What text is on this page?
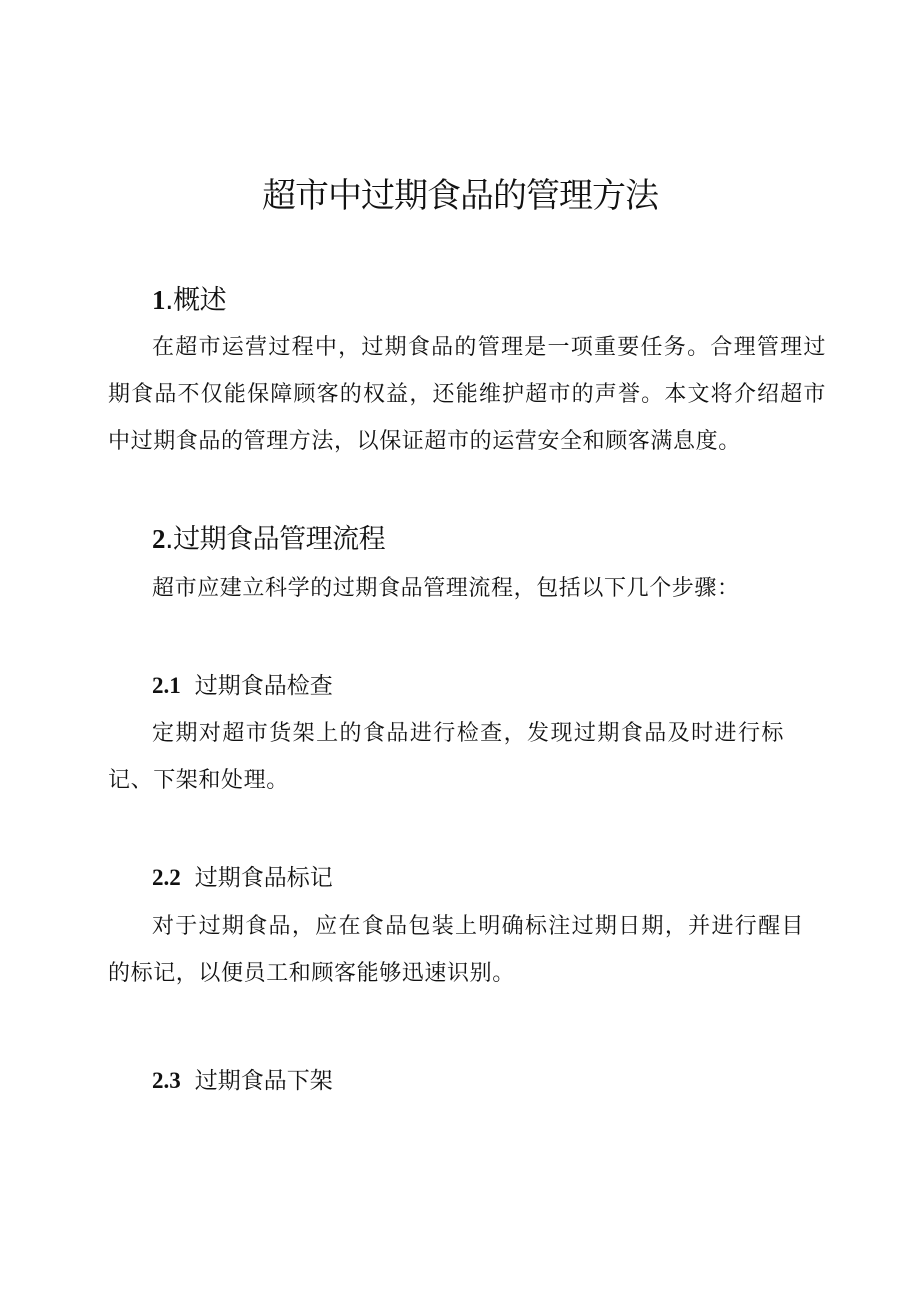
超市中过期食品的管理方法
1.概述

在超市运营过程中，过期食品的管理是一项重要任务。合理管理过期食品不仅能保障顾客的权益，还能维护超市的声誉。本文将介绍超市中过期食品的管理方法，以保证超市的运营安全和顾客满息度。

2.过期食品管理流程

超市应建立科学的过期食品管理流程，包括以下几个步骤：

2.1 过期食品检查

定期对超市货架上的食品进行检查，发现过期食品及时进行标记、下架和处理。

2.2 过期食品标记

对于过期食品，应在食品包装上明确标注过期日期，并进行醒目的标记，以便员工和顾客能够迅速识别。

2.3 过期食品下架
